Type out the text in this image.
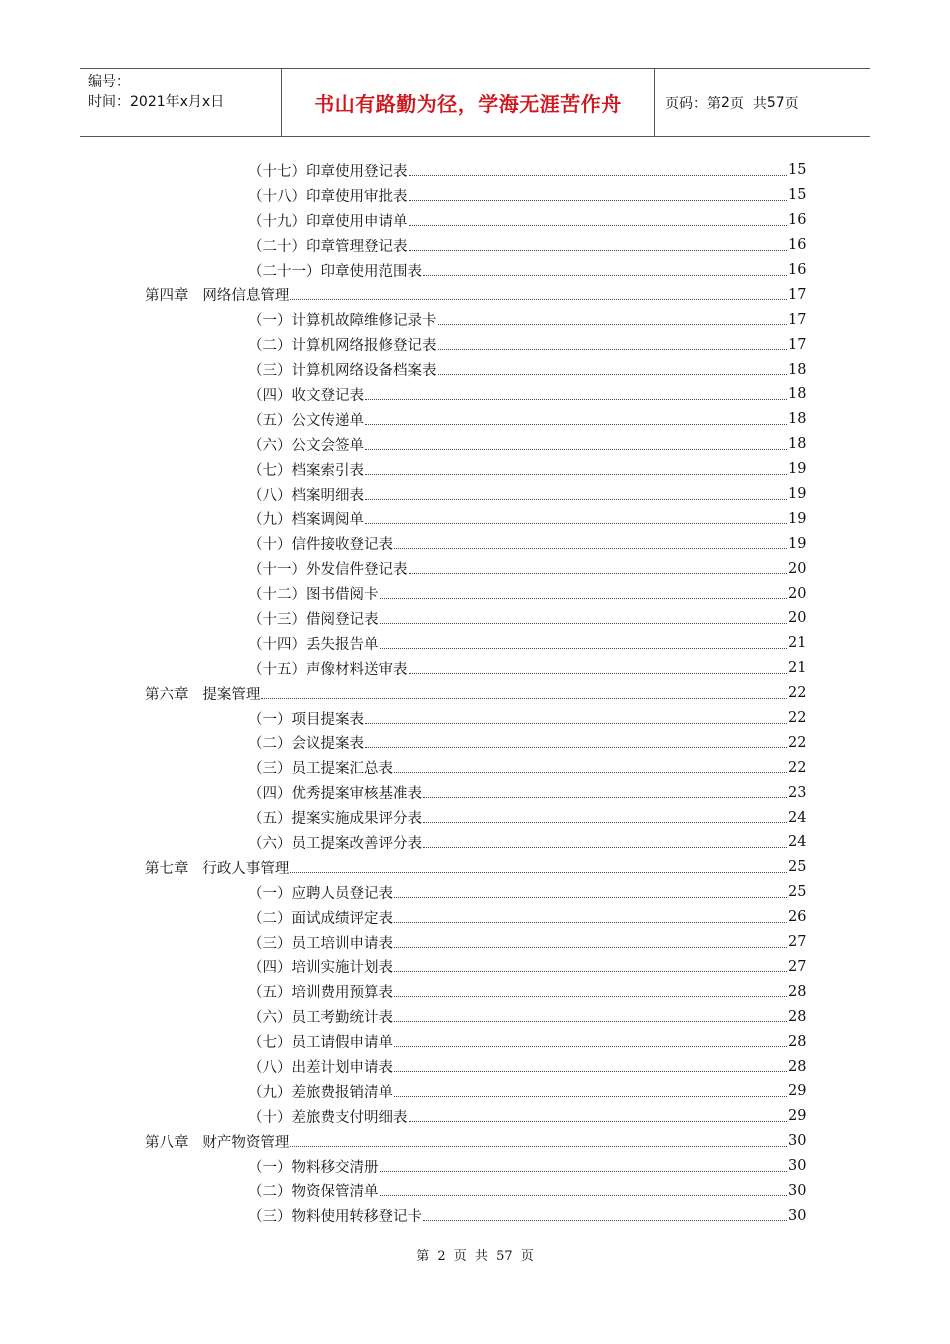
编号：
时间：2021年x月x日	书山有路勤为径，学海无涯苦作舟	页码：第 2 页  共 57 页
（十七） 印章使用登记表	15
（十八） 印章使用审批表	15
（十九） 印章使用申请单	16
（二十） 印章管理登记表	16
（二十一） 印章使用范围表	16
第四章 网络信息管理	17
（一） 计算机故障维修记录卡	17
（二） 计算机网络报修登记表	17
（三） 计算机网络设备档案表	18
（四） 收文登记表	18
（五） 公文传递单	18
（六） 公文会签单	18
（七） 档案索引表	19
（八） 档案明细表	19
（九） 档案调阅单	19
（十） 信件接收登记表	19
（十一） 外发信件登记表	20
（十二） 图书借阅卡	20
（十三） 借阅登记表	20
（十四） 丢失报告单	21
（十五） 声像材料送审表	21
第六章 提案管理	22
（一） 项目提案表	22
（二） 会议提案表	22
（三） 员工提案汇总表	22
（四） 优秀提案审核基准表	23
（五） 提案实施成果评分表	24
（六） 员工提案改善评分表	24
第七章 行政人事管理	25
（一） 应聘人员登记表	25
（二） 面试成绩评定表	26
（三） 员工培训申请表	27
（四） 培训实施计划表	27
（五） 培训费用预算表	28
（六） 员工考勤统计表	28
（七） 员工请假申请单	28
（八） 出差计划申请表	28
（九） 差旅费报销清单	29
（十） 差旅费支付明细表	29
第八章 财产物资管理	30
（一） 物料移交清册	30
（二） 物资保管清单	30
（三） 物料使用转移登记卡	30
第 2 页 共 57 页
